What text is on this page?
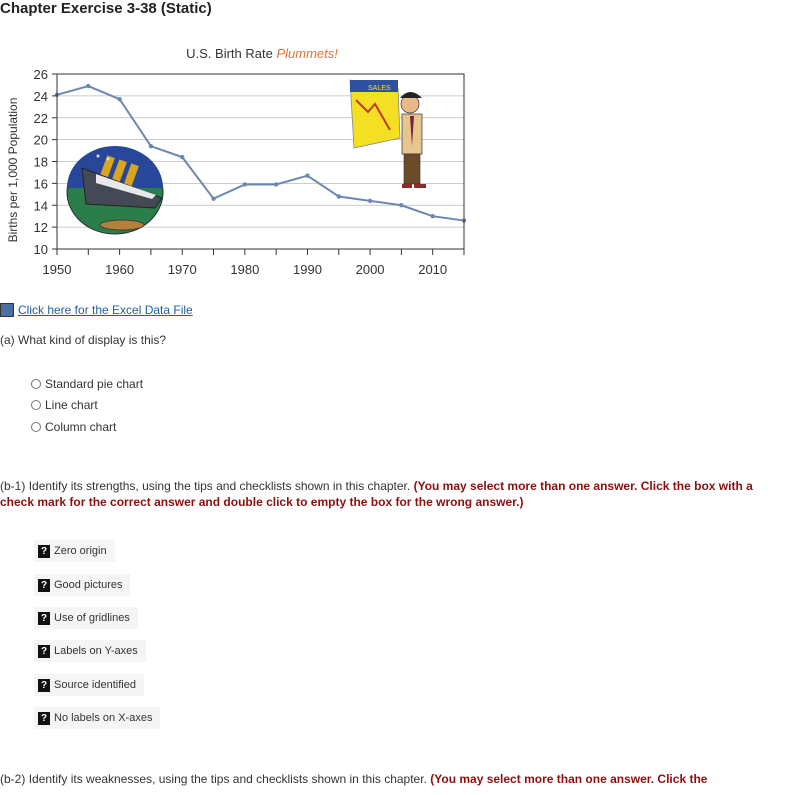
Chapter Exercise 3-38 (Static)
SALES
10
12
14
16
18
20
22
24
26
1950	1960	1970	1980	1990	2000	2010
U.S. Birth Rate Plummets!
Births per 1,000 Population
Click here for the Excel Data File
(a) What kind of display is this?
Standard pie chart
Line chart
Column chart
(b-1) Identify its strengths, using the tips and checklists shown in this chapter. (You may select more than one answer. Click the box with a check mark for the correct answer and double click to empty the box for the wrong answer.)
? Zero origin
? Good pictures
? Use of gridlines
? Labels on Y-axes
? Source identified
? No labels on X-axes
(b-2) Identify its weaknesses, using the tips and checklists shown in this chapter. (You may select more than one answer. Click the
